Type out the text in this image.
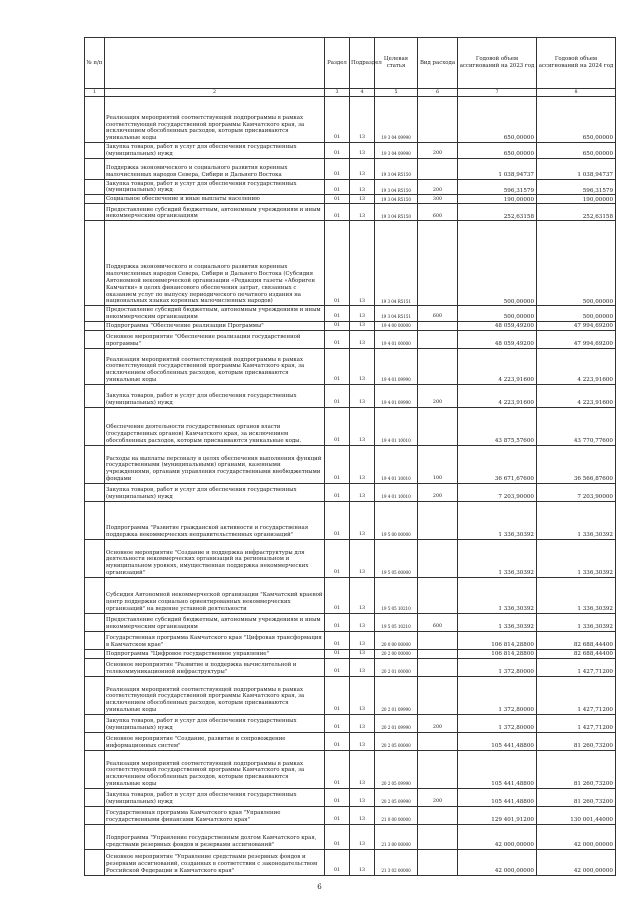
№ п/п		Раздел	Подраздел	Целевая статья	Вид расхода	Годовой объем ассигнований на 2023 год	Годовой объем ассигнований на 2024 год
1	2	3	4	5	6	7	8
	Реализация мероприятий соответствующей подпрограммы в рамках соответствующей государственной программы Камчатского края, за исключением обособленных расходов, которым присваиваются уникальные коды	01	13	19 3 04 09990		650,00000	650,00000
	Закупка товаров, работ и услуг для обеспечения государственных (муниципальных) нужд	01	13	19 3 04 09990	200	650,00000	650,00000
	Поддержка экономического и социального развития коренных малочисленных народов Севера, Сибири и Дальнего Востока	01	13	19 3 04 R5150		1 038,94737	1 038,94737
	Закупка товаров, работ и услуг для обеспечения государственных (муниципальных) нужд	01	13	19 3 04 R5150	200	596,31579	596,31579
	Социальное обеспечение и иные выплаты населению	01	13	19 3 04 R5150	300	190,00000	190,00000
	Предоставление субсидий бюджетным, автономным учреждениям и иным некоммерческим организациям	01	13	19 3 04 R5150	600	252,63158	252,63158
	Поддержка экономического и социального развития коренных малочисленных народов Севера, Сибири и Дальнего Востока (Субсидия Автономной некоммерческой организации «Редакция газеты «Абориген Камчатки» в целях финансового обеспечения затрат, связанных с оказанием услуг по выпуску периодического печатного издания на национальных языках коренных малочисленных народов)	01	13	19 3 04 R5151		500,00000	500,00000
	Предоставление субсидий бюджетным, автономным учреждениям и иным некоммерческим организациям	01	13	19 3 04 R5151	600	500,00000	500,00000
	Подпрограмма "Обеспечение реализации Программы"	01	13	19 4 00 00000		48 059,49200	47 994,69200
	Основное мероприятие "Обеспечение реализации государственной программы"	01	13	19 4 01 00000		48 059,49200	47 994,69200
	Реализация мероприятий соответствующей подпрограммы в рамках соответствующей государственной программы Камчатского края, за исключением обособленных расходов, которым присваиваются уникальные коды	01	13	19 4 01 09990		4 223,91600	4 223,91600
	Закупка товаров, работ и услуг для обеспечения государственных (муниципальных) нужд	01	13	19 4 01 09990	200	4 223,91600	4 223,91600
	Обеспечение деятельности государственных органов власти (государственных органов) Камчатского края, за исключением обособленных расходов, которым присваиваются уникальные коды.	01	13	19 4 01 10010		43 875,57600	43 770,77600
	Расходы на выплаты персоналу в целях обеспечения выполнения функций государственными (муниципальными) органами, казенными учреждениями, органами управления государственными внебюджетными фондами	01	13	19 4 01 10010	100	36 671,67600	36 566,87600
	Закупка товаров, работ и услуг для обеспечения государственных (муниципальных) нужд	01	13	19 4 01 10010	200	7 203,90000	7 203,90000
	Подпрограмма "Развитие гражданской активности и государственная поддержка некоммерческих неправительственных организаций"	01	13	19 5 00 00000		1 336,30392	1 336,30392
	Основное мероприятие "Создание и поддержка инфраструктуры для деятельности некоммерческих организаций на региональном и муниципальном уровнях, имущественная поддержка некоммерческих организаций"	01	13	19 5 05 00000		1 336,30392	1 336,30392
	Субсидия Автономной некоммерческой организации "Камчатский краевой центр поддержки социально ориентированных некоммерческих организаций" на ведение уставной деятельности	01	13	19 5 05 10210		1 336,30392	1 336,30392
	Предоставление субсидий бюджетным, автономным учреждениям и иным некоммерческим организациям	01	13	19 5 05 10210	600	1 336,30392	1 336,30392
	Государственная программа Камчатского края "Цифровая трансформация в Камчатском крае"	01	13	20 0 00 00000		106 814,28800	82 688,44400
	Подпрограмма "Цифровое государственное управление"	01	13	20 2 00 00000		106 814,28800	82 688,44400
	Основное мероприятие "Развитие и поддержка вычислительной и телекоммуникационной инфраструктуры"	01	13	20 2 01 00000		1 372,80000	1 427,71200
	Реализация мероприятий соответствующей подпрограммы в рамках соответствующей государственной программы Камчатского края, за исключением обособленных расходов, которым присваиваются уникальные коды	01	13	20 2 01 09990		1 372,80000	1 427,71200
	Закупка товаров, работ и услуг для обеспечения государственных (муниципальных) нужд	01	13	20 2 01 09990	200	1 372,80000	1 427,71200
	Основное мероприятие "Создание, развитие и сопровождение информационных систем"	01	13	20 2 05 00000		105 441,48800	81 260,73200
	Реализация мероприятий соответствующей подпрограммы в рамках соответствующей государственной программы Камчатского края, за исключением обособленных расходов, которым присваиваются уникальные коды	01	13	20 2 05 09990		105 441,48800	81 260,73200
	Закупка товаров, работ и услуг для обеспечения государственных (муниципальных) нужд	01	13	20 2 05 09990	200	105 441,48800	81 260,73200
	Государственная программа Камчатского края "Управление государственными финансами Камчатского края"	01	13	21 0 00 00000		129 401,91200	130 001,44000
	Подпрограмма "Управление государственным долгом Камчатского края, средствами резервных фондов и резервами ассигнований"	01	13	21 3 00 00000		42 000,00000	42 000,00000
	Основное мероприятие "Управление средствами резервных фондов и резервами ассигнований, созданных в соответствии с законодательством Российской Федерации и Камчатского края"	01	13	21 3 02 00000		42 000,00000	42 000,00000
6
